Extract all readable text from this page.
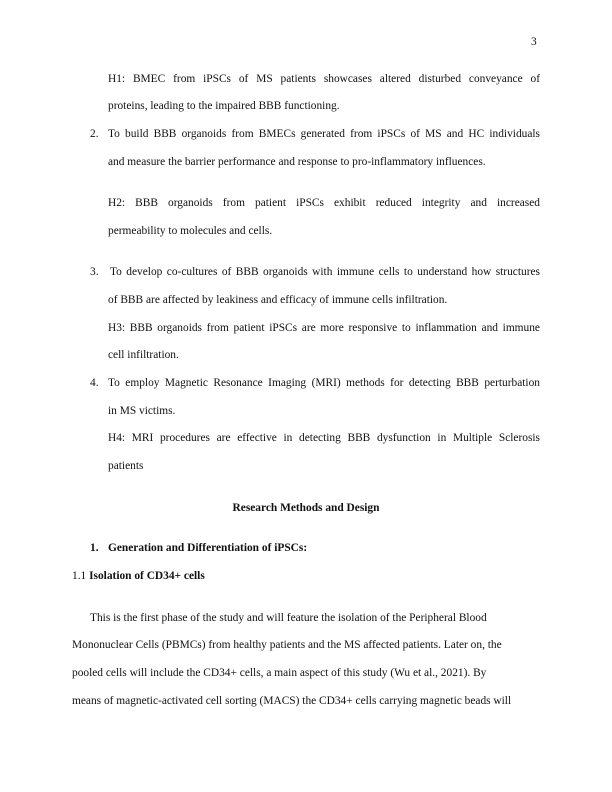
3
H1: BMEC from iPSCs of MS patients showcases altered disturbed conveyance of
proteins, leading to the impaired BBB functioning.
2. To build BBB organoids from BMECs generated from iPSCs of MS and HC individuals
and measure the barrier performance and response to pro-inflammatory influences.
H2: BBB organoids from patient iPSCs exhibit reduced integrity and increased
permeability to molecules and cells.
3. To develop co-cultures of BBB organoids with immune cells to understand how structures
of BBB are affected by leakiness and efficacy of immune cells infiltration.
H3: BBB organoids from patient iPSCs are more responsive to inflammation and immune
cell infiltration.
4. To employ Magnetic Resonance Imaging (MRI) methods for detecting BBB perturbation
in MS victims.
H4: MRI procedures are effective in detecting BBB dysfunction in Multiple Sclerosis
patients
Research Methods and Design
1. Generation and Differentiation of iPSCs:
1.1 Isolation of CD34+ cells
This is the first phase of the study and will feature the isolation of the Peripheral Blood
Mononuclear Cells (PBMCs) from healthy patients and the MS affected patients. Later on, the
pooled cells will include the CD34+ cells, a main aspect of this study (Wu et al., 2021). By
means of magnetic-activated cell sorting (MACS) the CD34+ cells carrying magnetic beads will
